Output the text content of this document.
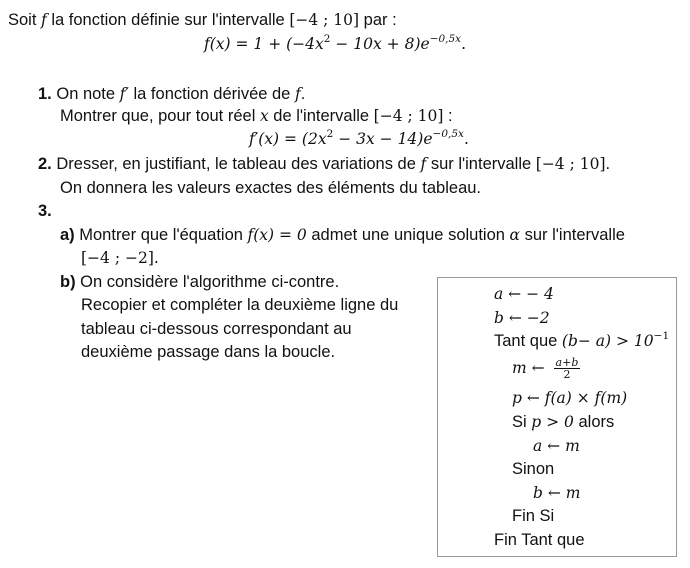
Soit f la fonction définie sur l'intervalle [−4 ; 10] par :
$f(x) = 1 + (-4x^2 - 10x + 8)e^{-0,5x}$.
1. On note f′ la fonction dérivée de f.
Montrer que, pour tout réel x de l'intervalle [−4 ; 10] :
$f'(x) = (2x^2 - 3x - 14)e^{-0,5x}$.
2. Dresser, en justifiant, le tableau des variations de f sur l'intervalle [−4 ; 10].
On donnera les valeurs exactes des éléments du tableau.
3.
a) Montrer que l'équation f(x) = 0 admet une unique solution α sur l'intervalle
[−4 ; −2].
b) On considère l'algorithme ci-contre.
Recopier et compléter la deuxième ligne du
tableau ci-dessous correspondant au
deuxième passage dans la boucle.
a ← − 4
b ← −2
Tant que $(b- a) > 10^{-1}$
m ← $\frac{a+b}{2}$
p ← f(a) × f(m)
Si p > 0 alors
a ← m
Sinon
b ← m
Fin Si
Fin Tant que
